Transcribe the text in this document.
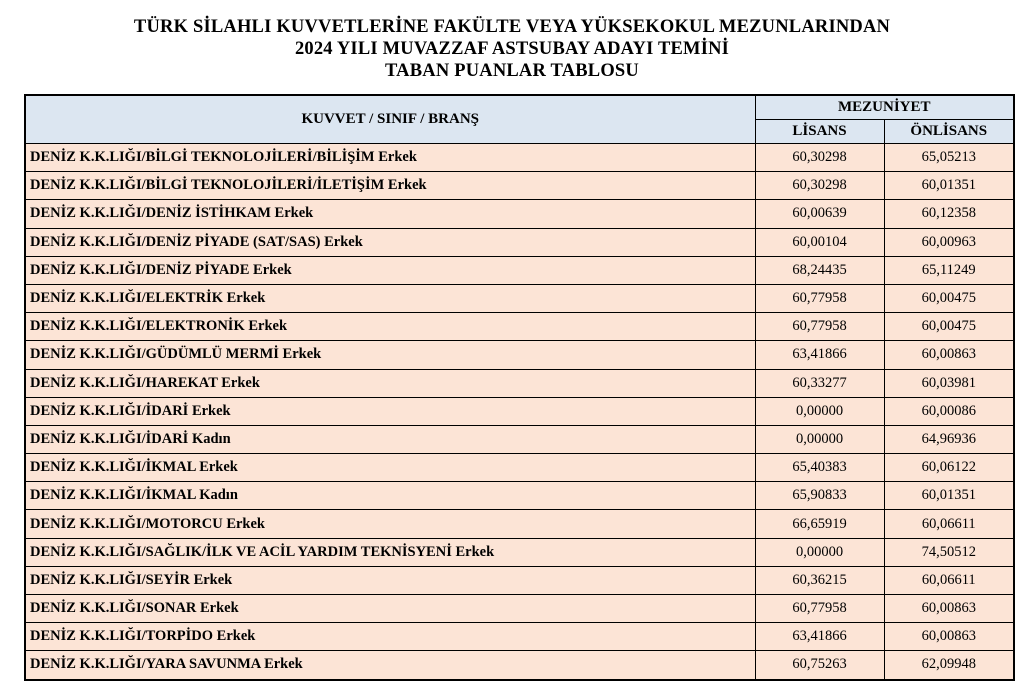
TÜRK SİLAHLI KUVVETLERİNE FAKÜLTE VEYA YÜKSEKOKUL MEZUNLARINDAN
2024 YILI MUVAZZAF ASTSUBAY ADAYI TEMİNİ
TABAN PUANLAR TABLOSU
KUVVET / SINIF / BRANŞ	MEZUNİYET	
	LİSANS	ÖNLİSANS
DENİZ K.K.LIĞI/BİLGİ TEKNOLOJİLERİ/BİLİŞİM Erkek	60,30298	65,05213
DENİZ K.K.LIĞI/BİLGİ TEKNOLOJİLERİ/İLETİŞİM Erkek	60,30298	60,01351
DENİZ K.K.LIĞI/DENİZ İSTİHKAM Erkek	60,00639	60,12358
DENİZ K.K.LIĞI/DENİZ PİYADE (SAT/SAS) Erkek	60,00104	60,00963
DENİZ K.K.LIĞI/DENİZ PİYADE Erkek	68,24435	65,11249
DENİZ K.K.LIĞI/ELEKTRİK Erkek	60,77958	60,00475
DENİZ K.K.LIĞI/ELEKTRONİK Erkek	60,77958	60,00475
DENİZ K.K.LIĞI/GÜDÜMLÜ MERMİ Erkek	63,41866	60,00863
DENİZ K.K.LIĞI/HAREKAT Erkek	60,33277	60,03981
DENİZ K.K.LIĞI/İDARİ Erkek	0,00000	60,00086
DENİZ K.K.LIĞI/İDARİ Kadın	0,00000	64,96936
DENİZ K.K.LIĞI/İKMAL Erkek	65,40383	60,06122
DENİZ K.K.LIĞI/İKMAL Kadın	65,90833	60,01351
DENİZ K.K.LIĞI/MOTORCU Erkek	66,65919	60,06611
DENİZ K.K.LIĞI/SAĞLIK/İLK VE ACİL YARDIM TEKNİSYENİ Erkek	0,00000	74,50512
DENİZ K.K.LIĞI/SEYİR Erkek	60,36215	60,06611
DENİZ K.K.LIĞI/SONAR Erkek	60,77958	60,00863
DENİZ K.K.LIĞI/TORPİDO Erkek	63,41866	60,00863
DENİZ K.K.LIĞI/YARA SAVUNMA Erkek	60,75263	62,09948
